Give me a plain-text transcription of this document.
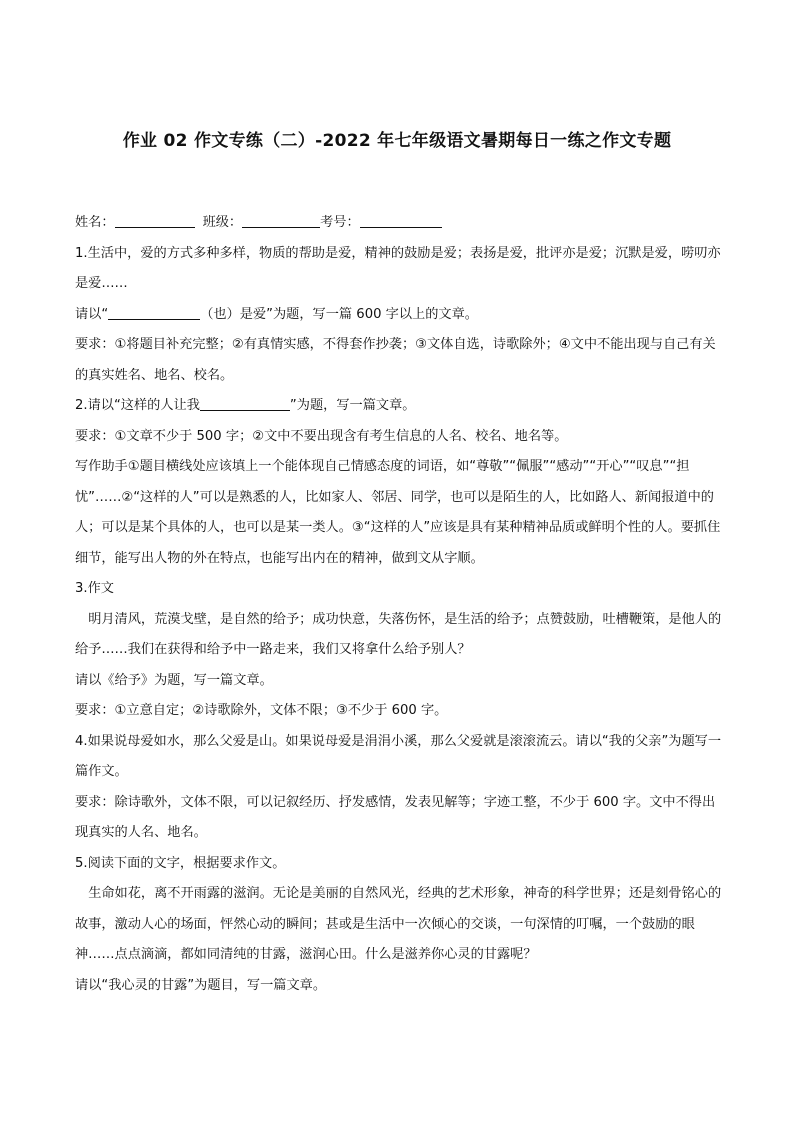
作业 02 作文专练（二）-2022 年七年级语文暑期每日一练之作文专题

姓名：	班级：	考号：

1.生活中，爱的方式多种多样，物质的帮助是爱，精神的鼓励是爱；表扬是爱，批评亦是爱；沉默是爱，唠叨亦是爱……

请以“	（也）是爱”为题，写一篇 600 字以上的文章。

要求：①将题目补充完整；②有真情实感，不得套作抄袭；③文体自选，诗歌除外；④文中不能出现与自己有关的真实姓名、地名、校名。

2.请以“这样的人让我	”为题，写一篇文章。

要求：①文章不少于 500 字；②文中不要出现含有考生信息的人名、校名、地名等。

写作助手①题目横线处应该填上一个能体现自己情感态度的词语，如“尊敬”“佩服”“感动”“开心”“叹息”“担忧”……②“这样的人”可以是熟悉的人，比如家人、邻居、同学，也可以是陌生的人，比如路人、新闻报道中的人；可以是某个具体的人，也可以是某一类人。③“这样的人”应该是具有某种精神品质或鲜明个性的人。要抓住细节，能写出人物的外在特点，也能写出内在的精神，做到文从字顺。

3.作文

明月清风，荒漠戈壁，是自然的给予；成功快意，失落伤怀，是生活的给予；点赞鼓励，吐槽鞭策，是他人的给予……我们在获得和给予中一路走来，我们又将拿什么给予别人？

请以《给予》为题，写一篇文章。

要求：①立意自定；②诗歌除外，文体不限；③不少于 600 字。

4.如果说母爱如水，那么父爱是山。如果说母爱是涓涓小溪，那么父爱就是滚滚流云。请以“我的父亲”为题写一篇作文。

要求：除诗歌外，文体不限，可以记叙经历、抒发感情，发表见解等；字迹工整，不少于 600 字。文中不得出现真实的人名、地名。

5.阅读下面的文字，根据要求作文。

生命如花，离不开雨露的滋润。无论是美丽的自然风光，经典的艺术形象，神奇的科学世界；还是刻骨铭心的故事，激动人心的场面，怦然心动的瞬间；甚或是生活中一次倾心的交谈，一句深情的叮嘱，一个鼓励的眼神……点点滴滴，都如同清纯的甘露，滋润心田。什么是滋养你心灵的甘露呢？

请以“我心灵的甘露”为题目，写一篇文章。
